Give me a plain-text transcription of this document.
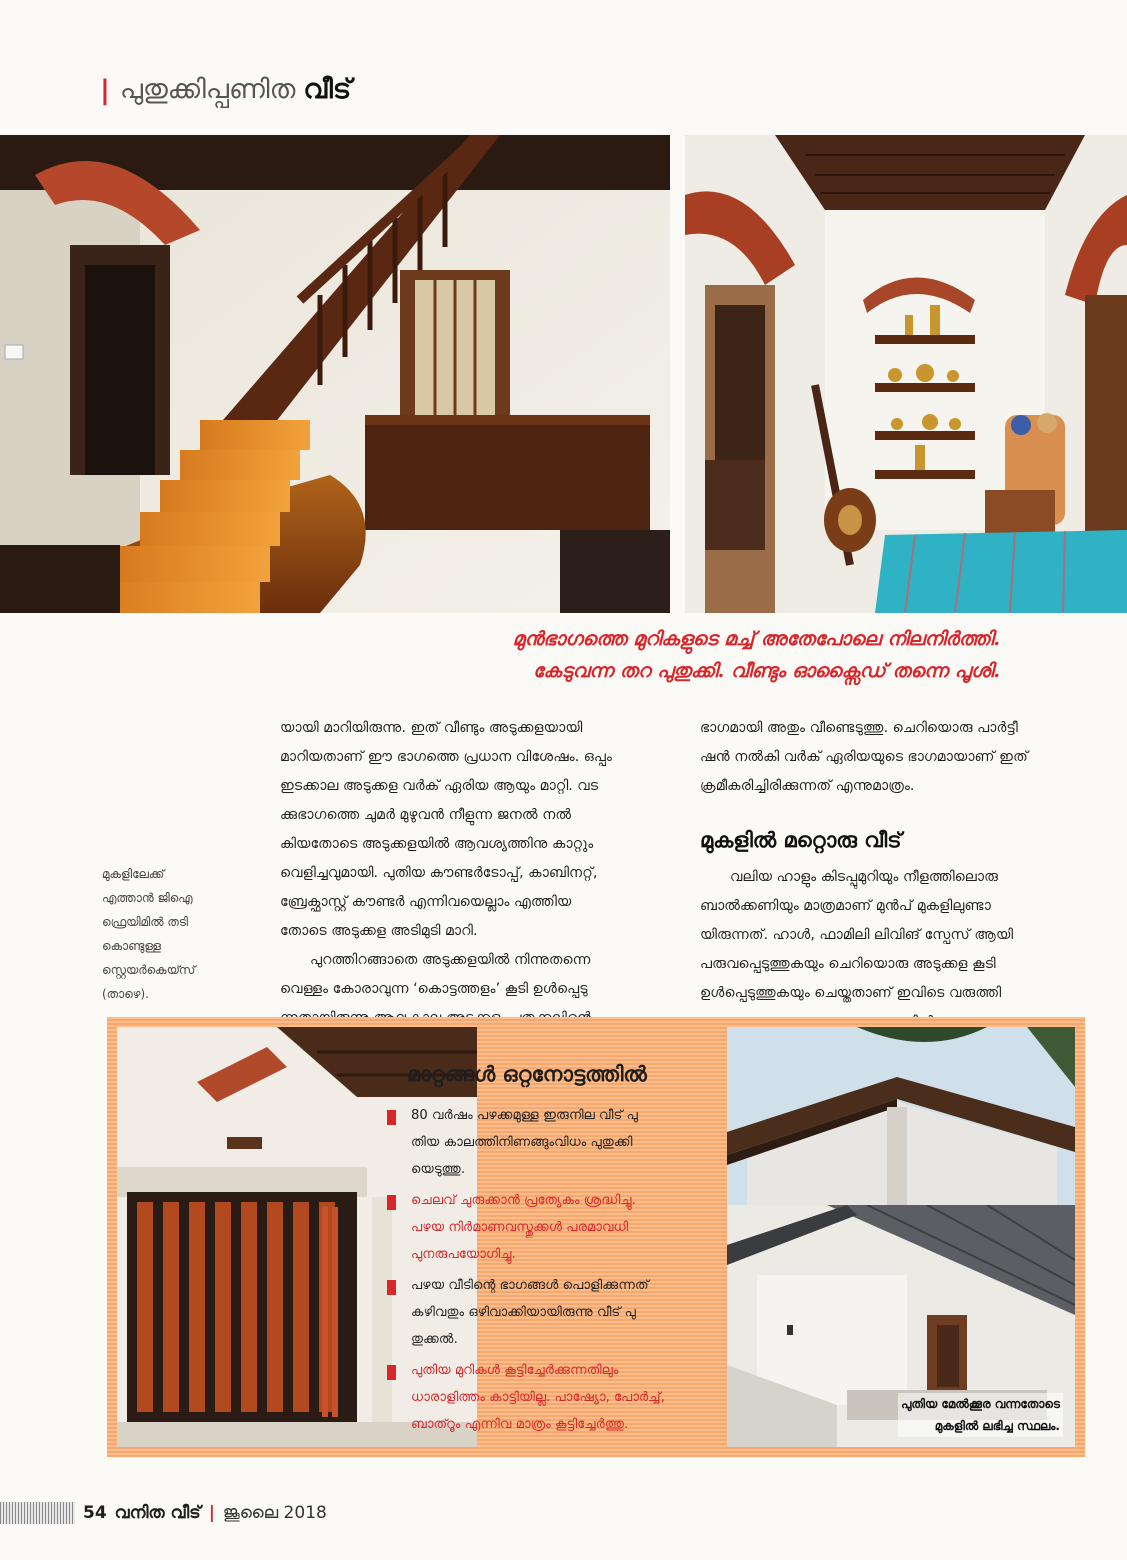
| പുതുക്കിപ്പണിത വീട്
മുൻഭാഗത്തെ മുറികളുടെ മച്ച് അതേപോലെ നിലനിർത്തി.
കേടുവന്ന തറ പുതുക്കി. വീണ്ടും ഓക്സൈഡ് തന്നെ പൂശി.
മുകളിലേക്ക്
എത്താൻ ജിഐ
ഫ്രെയിമിൽ തടി
കൊണ്ടുള്ള
സ്റ്റെയർകെയ്സ്
(താഴെ).
യായി മാറിയിരുന്നു. ഇത് വീണ്ടും അടുക്കളയായി
മാറിയതാണ് ഈ ഭാഗത്തെ പ്രധാന വിശേഷം. ഒപ്പം
ഇടക്കാല അടുക്കള വർക് ഏരിയ ആയും മാറ്റി. വട
ക്കുഭാഗത്തെ ചുമർ മുഴുവൻ നീളുന്ന ജനൽ നൽ
കിയതോടെ അടുക്കളയിൽ ആവശ്യത്തിനു കാറ്റും
വെളിച്ചവുമായി. പുതിയ കൗണ്ടർടോപ്പ്, കാബിനറ്റ്,
ബ്രേക്ഫാസ്റ്റ് കൗണ്ടർ എന്നിവയെല്ലാം എത്തിയ
തോടെ അടുക്കള അടിമുടി മാറി.
പുറത്തിറങ്ങാതെ അടുക്കളയിൽ നിന്നുതന്നെ
വെള്ളം കോരാവുന്ന ‘കൊട്ടത്തളം’ കൂടി ഉൾപ്പെടു
ഭാഗമായി അതും വീണ്ടെടുത്തു. ചെറിയൊരു പാർട്ടീ
ഷൻ നൽകി വർക് ഏരിയയുടെ ഭാഗമായാണ് ഇത്
ക്രമീകരിച്ചിരിക്കുന്നത് എന്നുമാത്രം.
മുകളിൽ മറ്റൊരു വീട്
വലിയ ഹാളും കിടപ്പുമുറിയും നീളത്തിലൊരു
ബാൽക്കണിയും മാത്രമാണ് മുൻപ് മുകളിലുണ്ടാ
യിരുന്നത്. ഹാൾ, ഫാമിലി ലിവിങ് സ്പേസ് ആയി
പരുവപ്പെടുത്തുകയും ചെറിയൊരു അടുക്കള കൂടി
ഉൾപ്പെടുത്തുകയും ചെയ്തതാണ് ഇവിടെ വരുത്തി
മാറ്റങ്ങൾ ഒറ്റനോട്ടത്തിൽ
80 വർഷം പഴക്കമുള്ള ഇരുനില വീട് പു
തിയ കാലത്തിനിണങ്ങുംവിധം പുതുക്കി
യെടുത്തു.
ചെലവ് ചുരുക്കാൻ പ്രത്യേകം ശ്രദ്ധിച്ചു.
പഴയ നിർമാണവസ്തുക്കൾ പരമാവധി
പുനരുപയോഗിച്ചു.
പഴയ വീടിന്റെ ഭാഗങ്ങൾ പൊളിക്കുന്നത്
കഴിവതും ഒഴിവാക്കിയായിരുന്നു വീട് പു
തുക്കൽ.
പുതിയ മുറികൾ കൂട്ടിച്ചേർക്കുന്നതിലും
ധാരാളിത്തം കാട്ടിയില്ല. പാഷ്യോ, പോർച്ച്,
ബാത്റൂം എന്നിവ മാത്രം കൂട്ടിച്ചേർത്തു.
പുതിയ മേൽക്കൂര വന്നതോടെ
മുകളിൽ ലഭിച്ച സ്ഥലം.
54 വനിത വീട് | ജൂലൈ 2018
